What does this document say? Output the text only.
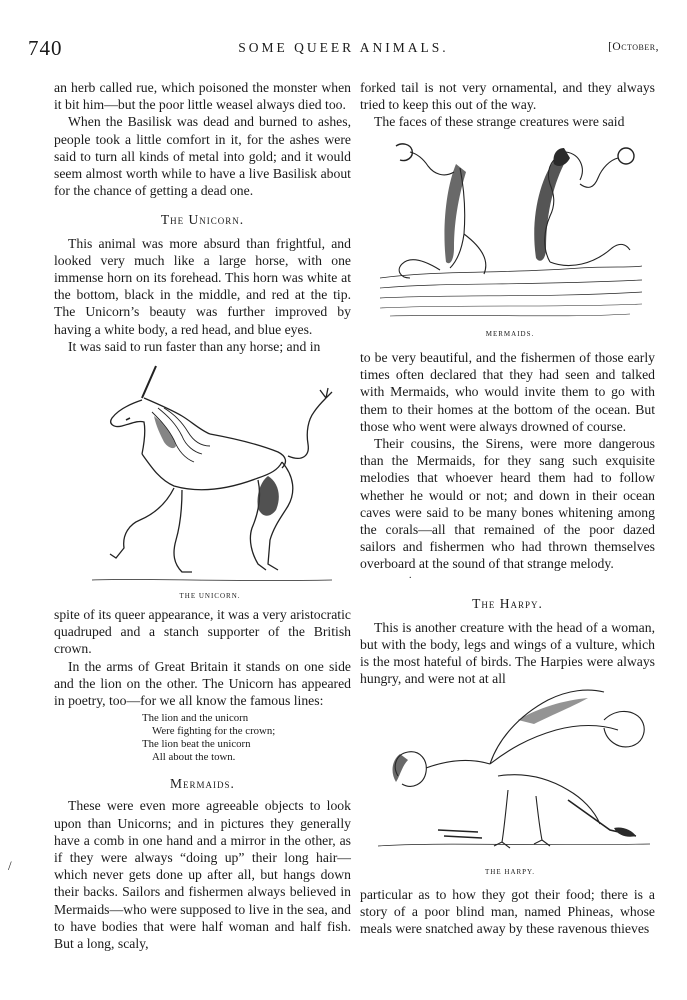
740	SOME QUEER ANIMALS.	[October,

an herb called rue, which poisoned the monster when it bit him—but the poor little weasel always died too.

When the Basilisk was dead and burned to ashes, people took a little comfort in it, for the ashes were said to turn all kinds of metal into gold; and it would seem almost worth while to have a live Basilisk about for the chance of getting a dead one.

The Unicorn.

This animal was more absurd than frightful, and looked very much like a large horse, with one immense horn on its forehead. This horn was white at the bottom, black in the middle, and red at the tip. The Unicorn’s beauty was further improved by having a white body, a red head, and blue eyes.

It was said to run faster than any horse; and in

THE UNICORN.

spite of its queer appearance, it was a very aristocratic quadruped and a stanch supporter of the British crown.

In the arms of Great Britain it stands on one side and the lion on the other. The Unicorn has appeared in poetry, too—for we all know the famous lines:

The lion and the unicorn
Were fighting for the crown;
The lion beat the unicorn
All about the town.
Mermaids.

These were even more agreeable objects to look upon than Unicorns; and in pictures they generally have a comb in one hand and a mirror in the other, as if they were always “doing up” their long hair—which never gets done up after all, but hangs down their backs. Sailors and fishermen always believed in Mermaids—who were supposed to live in the sea, and to have bodies that were half woman and half fish. But a long, scaly,

forked tail is not very ornamental, and they always tried to keep this out of the way.

The faces of these strange creatures were said

MERMAIDS.

to be very beautiful, and the fishermen of those early times often declared that they had seen and talked with Mermaids, who would invite them to go with them to their homes at the bottom of the ocean. But those who went were always drowned of course.

Their cousins, the Sirens, were more dangerous than the Mermaids, for they sang such exquisite melodies that whoever heard them had to follow whether he would or not; and down in their ocean caves were said to be many bones whitening among the corals—all that remained of the poor dazed sailors and fishermen who had thrown themselves overboard at the sound of that strange melody.

The Harpy.

This is another creature with the head of a woman, but with the body, legs and wings of a vulture, which is the most hateful of birds. The Harpies were always hungry, and were not at all

.
THE HARPY.

particular as to how they got their food; there is a story of a poor blind man, named Phineas, whose meals were snatched away by these ravenous thieves

/
